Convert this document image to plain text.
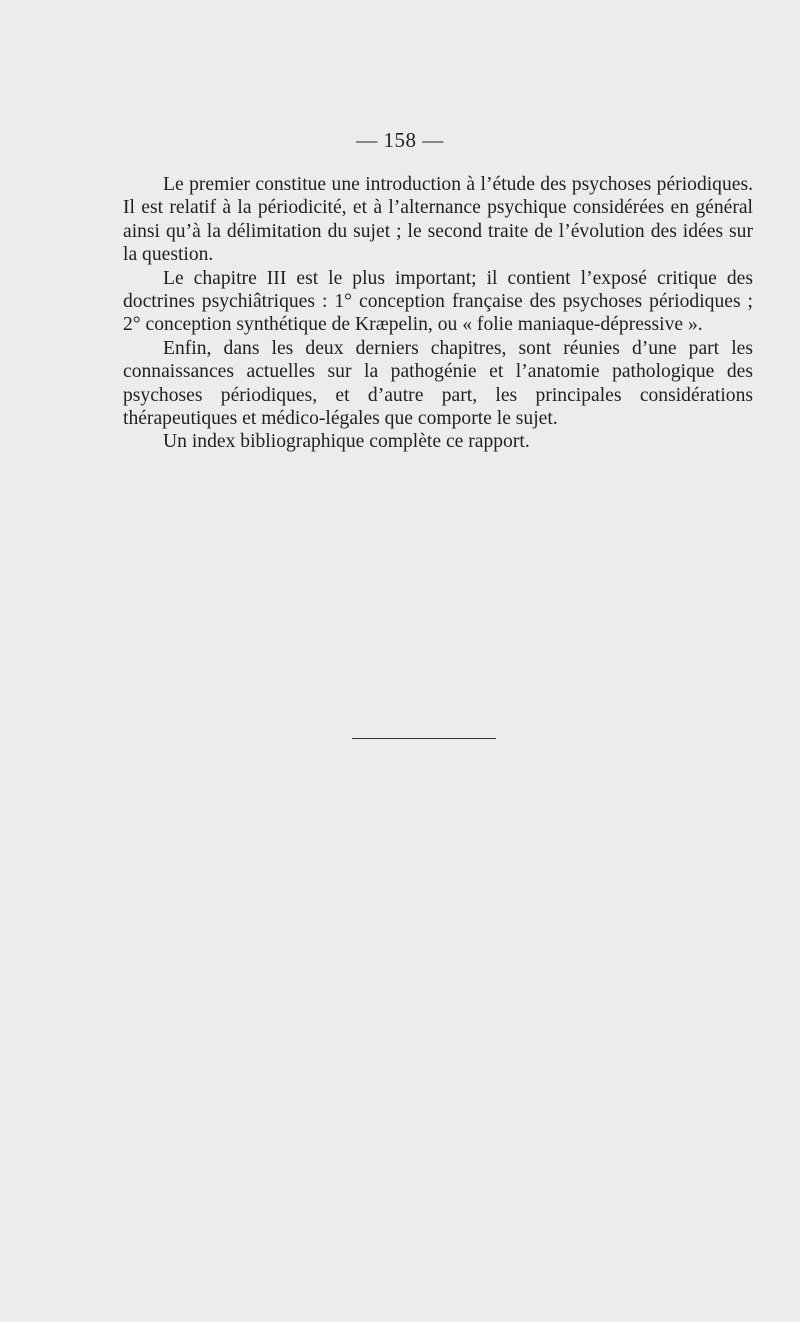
— 158 —

Le premier constitue une introduction à l’étude des psychoses périodiques. Il est relatif à la périodicité, et à l’alternance psychique considérées en général ainsi qu’à la délimitation du sujet ; le second traite de l’évolution des idées sur la question.

Le chapitre III est le plus important; il contient l’exposé critique des doctrines psychiâtriques : 1° conception française des psychoses périodiques ; 2° conception synthétique de Kræpelin, ou « folie maniaque-dépressive ».

Enfin, dans les deux derniers chapitres, sont réunies d’une part les connaissances actuelles sur la pathogénie et l’anatomie pathologique des psychoses périodiques, et d’autre part, les principales considérations thérapeutiques et médico-légales que comporte le sujet.

Un index bibliographique complète ce rapport.
